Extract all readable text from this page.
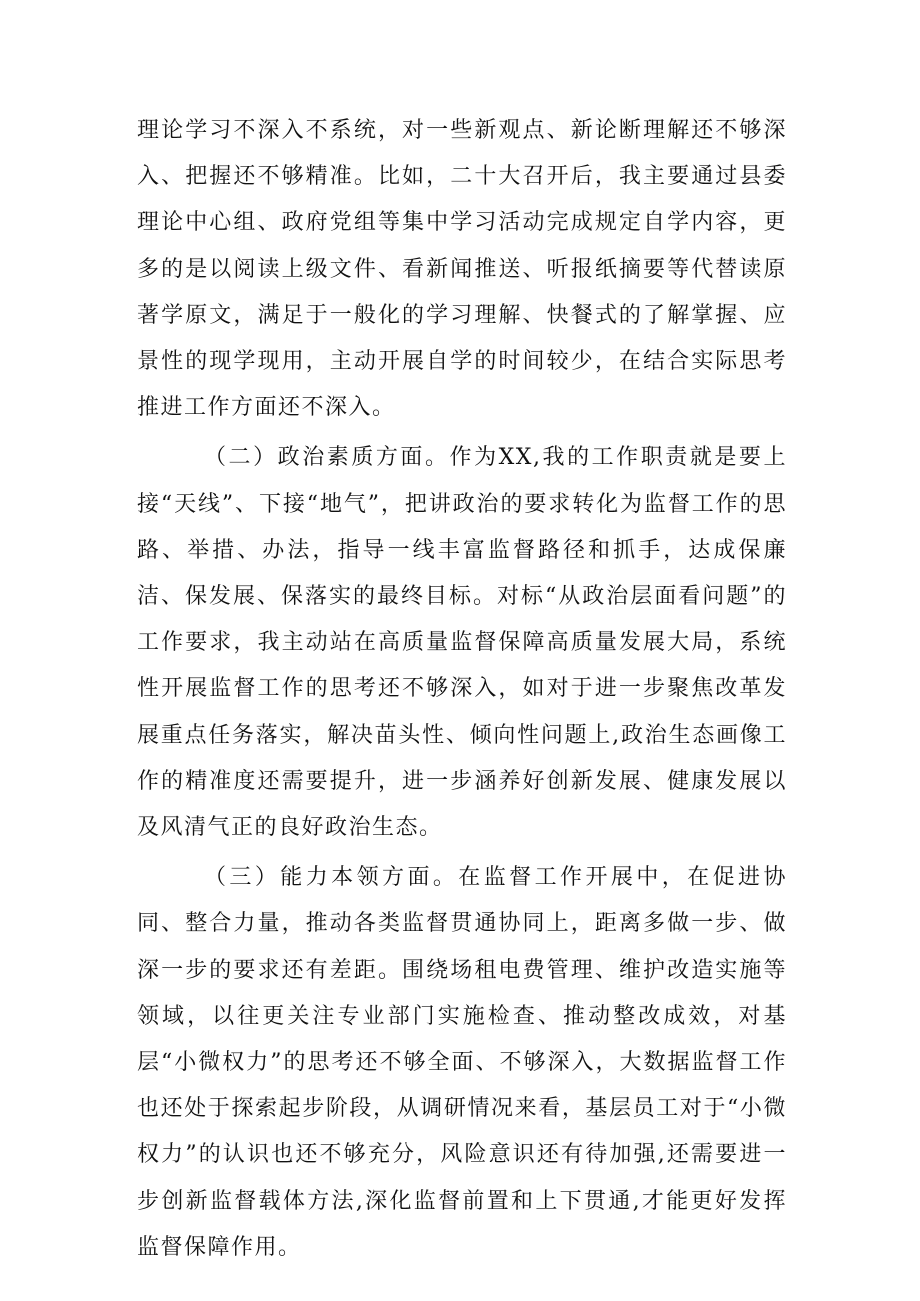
理论学习不深入不系统，对一些新观点、新论断理解还不够深入、把握还不够精准。比如，二十大召开后，我主要通过县委理论中心组、政府党组等集中学习活动完成规定自学内容，更多的是以阅读上级文件、看新闻推送、听报纸摘要等代替读原著学原文，满足于一般化的学习理解、快餐式的了解掌握、应景性的现学现用，主动开展自学的时间较少，在结合实际思考推进工作方面还不深入。

（二）政治素质方面。作为XX,我的工作职责就是要上接“天线”、下接“地气”，把讲政治的要求转化为监督工作的思路、举措、办法，指导一线丰富监督路径和抓手，达成保廉洁、保发展、保落实的最终目标。对标“从政治层面看问题”的工作要求，我主动站在高质量监督保障高质量发展大局，系统性开展监督工作的思考还不够深入，如对于进一步聚焦改革发展重点任务落实，解决苗头性、倾向性问题上,政治生态画像工作的精准度还需要提升，进一步涵养好创新发展、健康发展以及风清气正的良好政治生态。

（三）能力本领方面。在监督工作开展中，在促进协同、整合力量，推动各类监督贯通协同上，距离多做一步、做深一步的要求还有差距。围绕场租电费管理、维护改造实施等领域，以往更关注专业部门实施检查、推动整改成效，对基层“小微权力”的思考还不够全面、不够深入，大数据监督工作也还处于探索起步阶段，从调研情况来看，基层员工对于“小微权力”的认识也还不够充分，风险意识还有待加强,还需要进一步创新监督载体方法,深化监督前置和上下贯通,才能更好发挥监督保障作用。
